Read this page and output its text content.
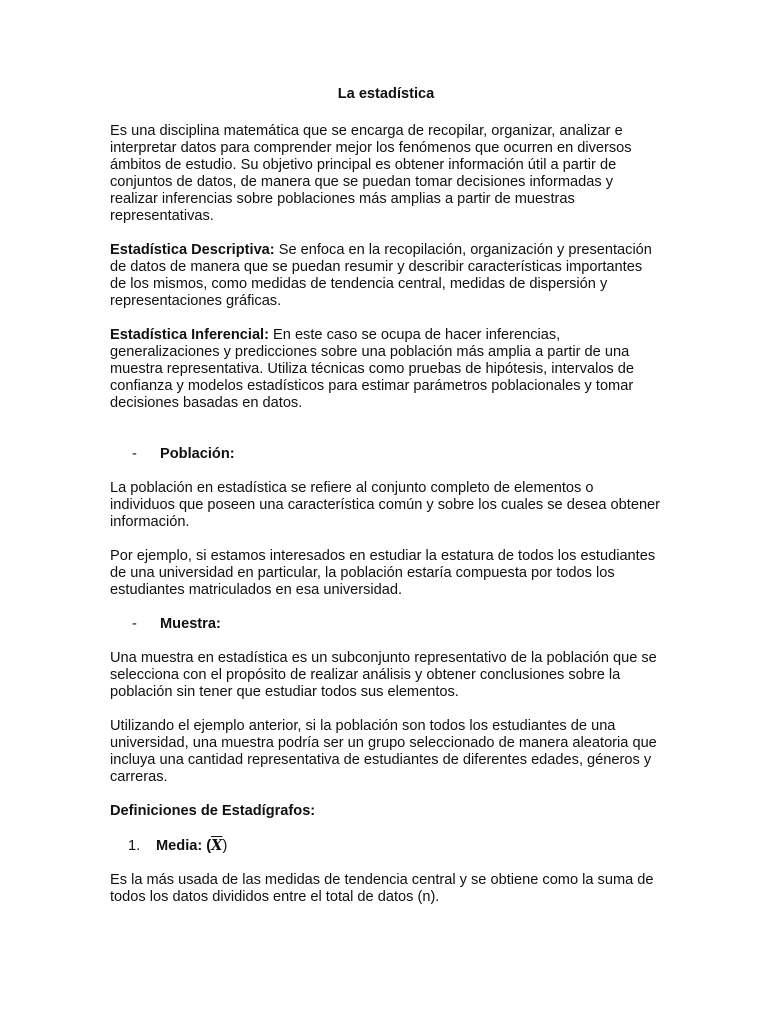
La estadística

Es una disciplina matemática que se encarga de recopilar, organizar, analizar e interpretar datos para comprender mejor los fenómenos que ocurren en diversos ámbitos de estudio. Su objetivo principal es obtener información útil a partir de conjuntos de datos, de manera que se puedan tomar decisiones informadas y realizar inferencias sobre poblaciones más amplias a partir de muestras representativas.

Estadística Descriptiva: Se enfoca en la recopilación, organización y presentación de datos de manera que se puedan resumir y describir características importantes de los mismos, como medidas de tendencia central, medidas de dispersión y representaciones gráficas.

Estadística Inferencial: En este caso se ocupa de hacer inferencias, generalizaciones y predicciones sobre una población más amplia a partir de una muestra representativa. Utiliza técnicas como pruebas de hipótesis, intervalos de confianza y modelos estadísticos para estimar parámetros poblacionales y tomar decisiones basadas en datos.

-	Población:

La población en estadística se refiere al conjunto completo de elementos o individuos que poseen una característica común y sobre los cuales se desea obtener información.

Por ejemplo, si estamos interesados en estudiar la estatura de todos los estudiantes de una universidad en particular, la población estaría compuesta por todos los estudiantes matriculados en esa universidad.

-	Muestra:

Una muestra en estadística es un subconjunto representativo de la población que se selecciona con el propósito de realizar análisis y obtener conclusiones sobre la población sin tener que estudiar todos sus elementos.

Utilizando el ejemplo anterior, si la población son todos los estudiantes de una universidad, una muestra podría ser un grupo seleccionado de manera aleatoria que incluya una cantidad representativa de estudiantes de diferentes edades, géneros y carreras.

Definiciones de Estadígrafos:

1.	Media: $(\overline{X})$

Es la más usada de las medidas de tendencia central y se obtiene como la suma de todos los datos divididos entre el total de datos (n).
